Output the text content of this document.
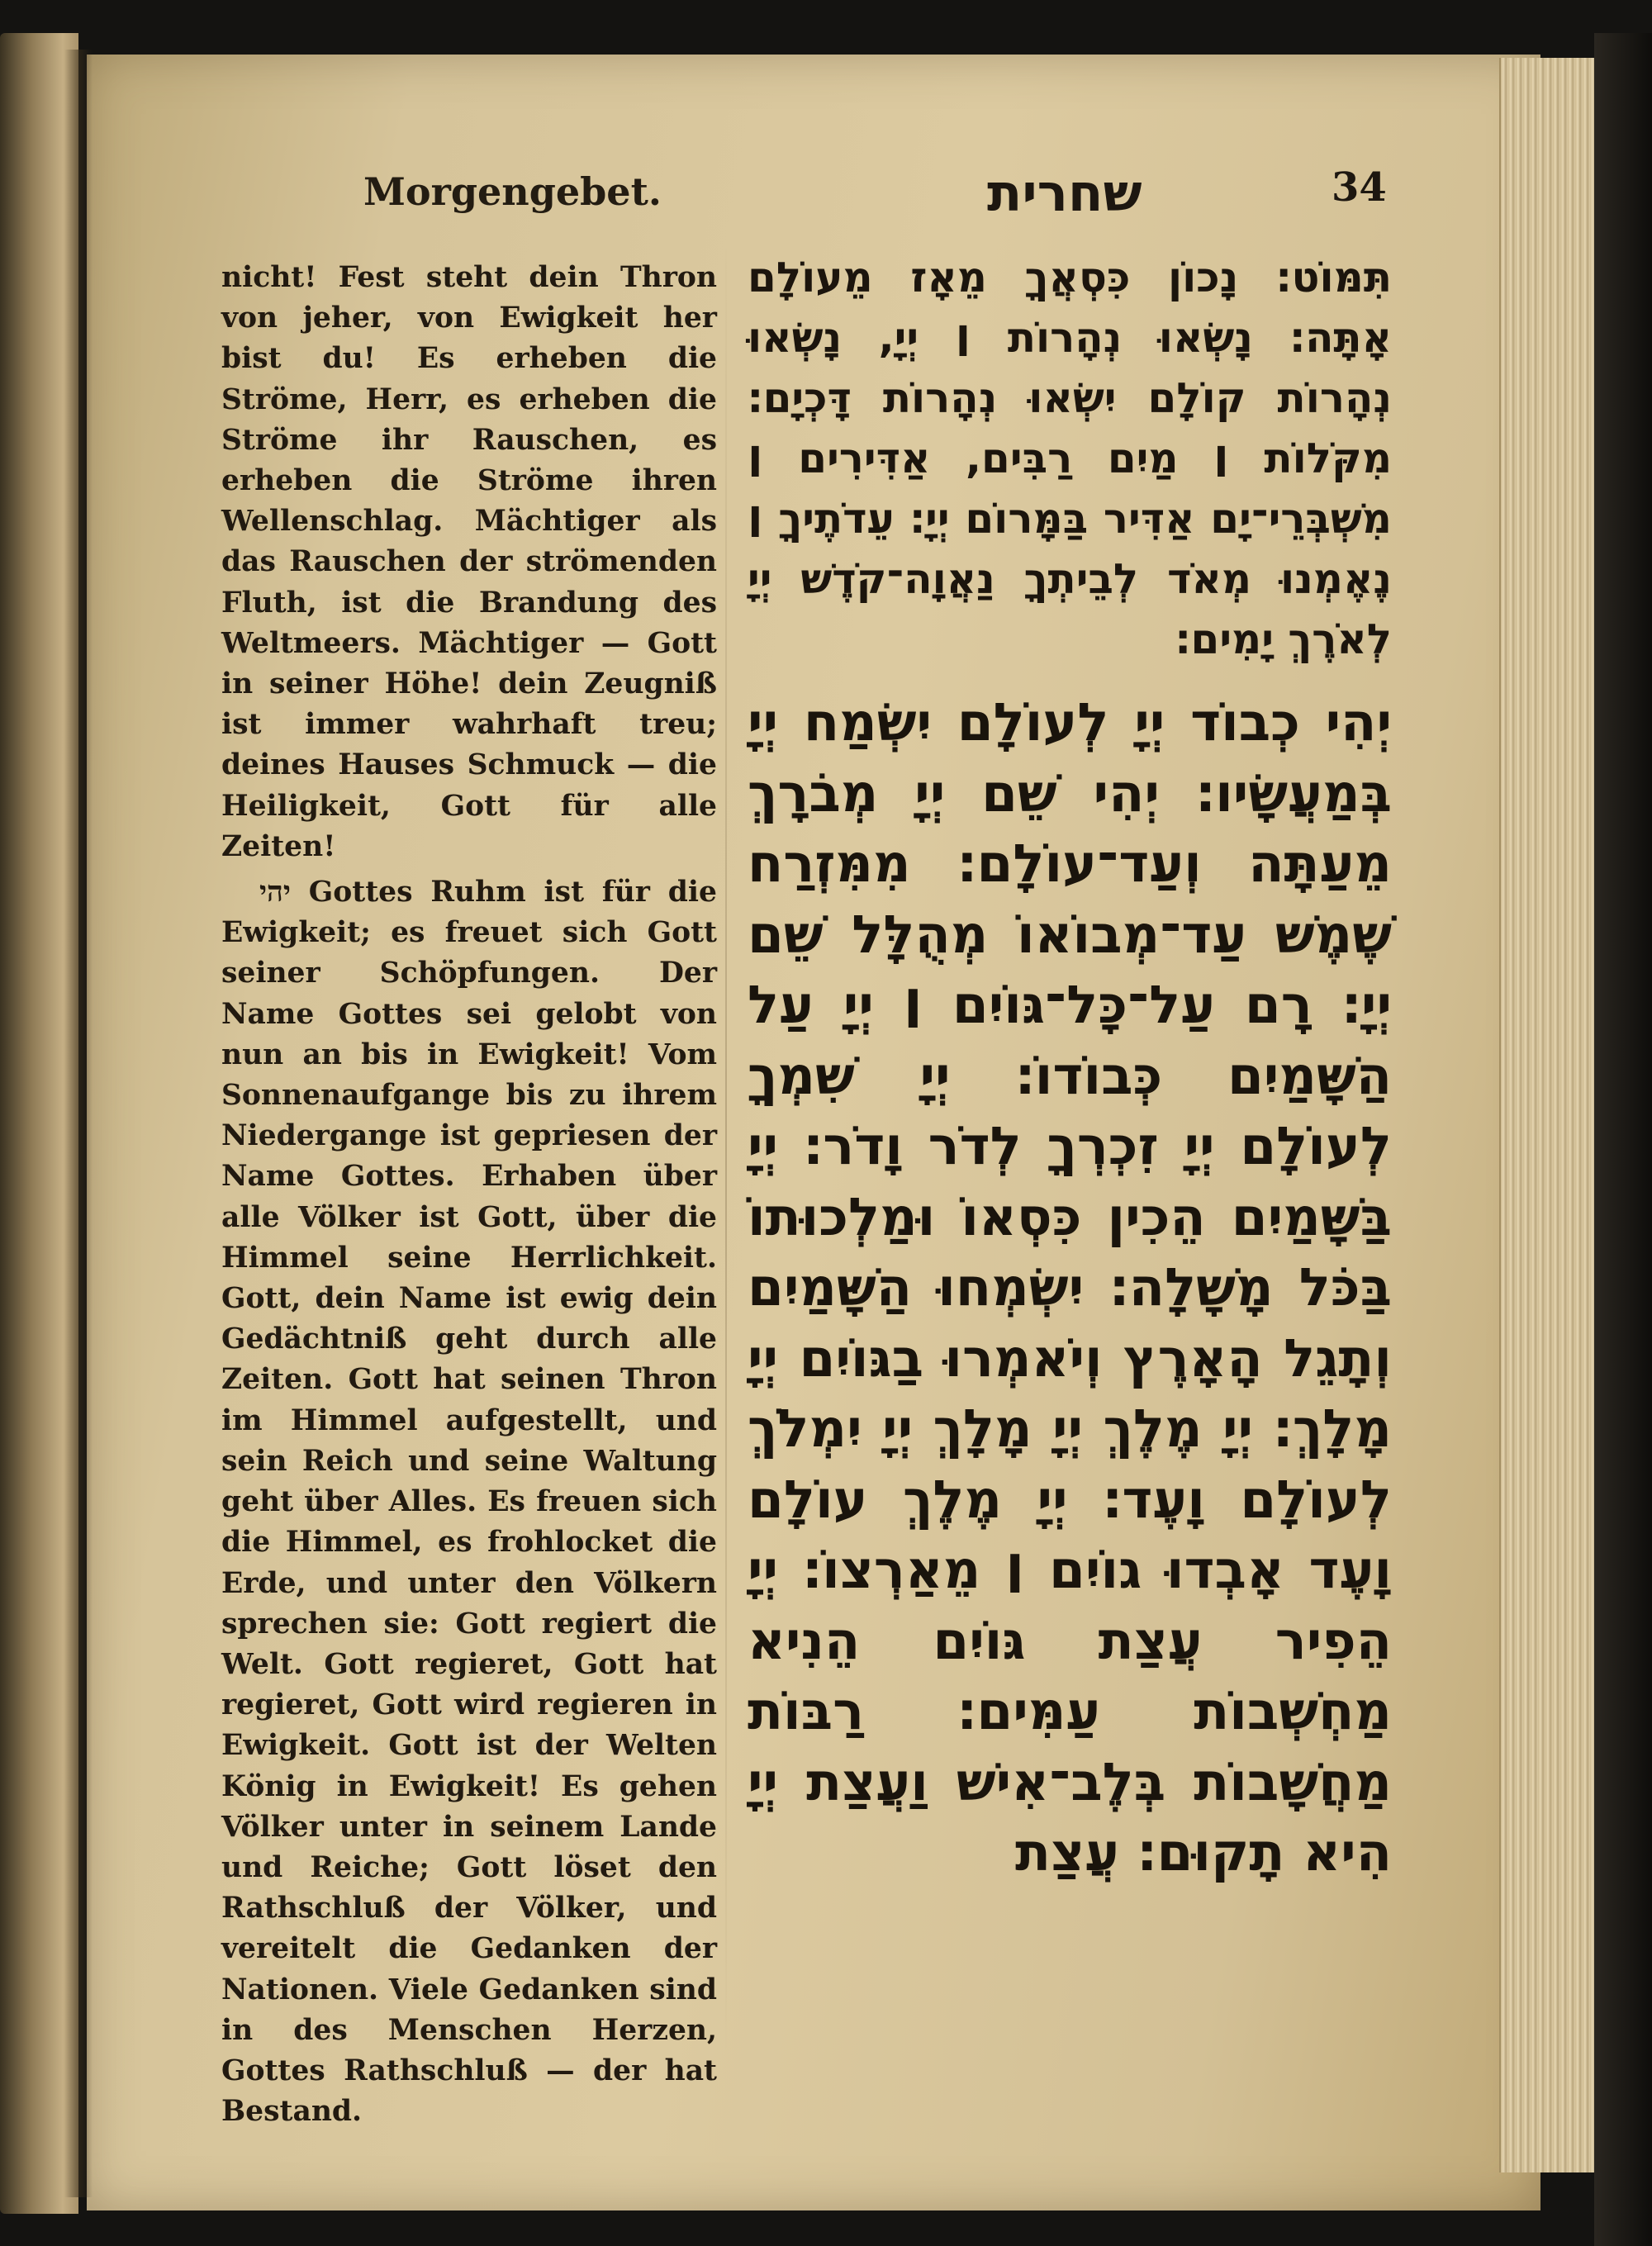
Morgengebet.	שחרית	34

nicht! Fest steht dein Thron von jeher, von Ewigkeit her bist du! Es erheben die Ströme, Herr, es erheben die Ströme ihr Rauschen, es erheben die Ströme ihren Wellenschlag. Mächtiger als das Rauschen der strömenden Fluth, ist die Brandung des Weltmeers. Mächtiger — Gott in seiner Höhe! dein Zeugniß ist immer wahrhaft treu; deines Hauses Schmuck — die Heiligkeit, Gott für alle Zeiten!

יהי Gottes Ruhm ist für die Ewigkeit; es freuet sich Gott seiner Schöpfungen. Der Name Gottes sei gelobt von nun an bis in Ewigkeit! Vom Sonnenaufgange bis zu ihrem Niedergange ist gepriesen der Name Gottes. Erhaben über alle Völker ist Gott, über die Himmel seine Herrlichkeit. Gott, dein Name ist ewig dein Gedächtniß geht durch alle Zeiten. Gott hat seinen Thron im Himmel aufgestellt, und sein Reich und seine Waltung geht über Alles. Es freuen sich die Himmel, es frohlocket die Erde, und unter den Völkern sprechen sie: Gott regiert die Welt. Gott regieret, Gott hat regieret, Gott wird regieren in Ewigkeit. Gott ist der Welten König in Ewigkeit! Es gehen Völker unter in seinem Lande und Reiche; Gott löset den Rathschluß der Völker, und vereitelt die Gedanken der Nationen. Viele Gedanken sind in des Menschen Herzen, Gottes Rathschluß — der hat Bestand.

תִּמּוֹט׃ נָכוֹן כִּסְאֲךָ מֵאָז מֵעוֹלָם אָתָּה׃ נָשְׂאוּ נְהָרוֹת ׀ יְיָ, נָשְׂאוּ נְהָרוֹת קוֹלָם יִשְׂאוּ נְהָרוֹת דָּכְיָם׃ מִקֹּלוֹת ׀ מַיִם רַבִּים, אַדִּירִים ׀ מִשְׁבְּרֵי־יָם אַדִּיר בַּמָּרוֹם יְיָ׃ עֵדֹתֶיךָ ׀ נֶאֶמְנוּ מְאֹד לְבֵיתְךָ נַאֲוָה־קֹדֶשׁ יְיָ לְאֹרֶךְ יָמִים׃
יְהִי כְבוֹד יְיָ לְעוֹלָם יִשְׂמַח יְיָ בְּמַעֲשָׂיו׃ יְהִי שֵׁם יְיָ מְבֹרָךְ מֵעַתָּה וְעַד־עוֹלָם׃ מִמִּזְרַח שֶׁמֶשׁ עַד־מְבוֹאוֹ מְהֻלָּל שֵׁם יְיָ׃ רָם עַל־כָּל־גּוֹיִם ׀ יְיָ עַל הַשָּׁמַיִם כְּבוֹדוֹ׃ יְיָ שִׁמְךָ לְעוֹלָם יְיָ זִכְרְךָ לְדֹר וָדֹר׃ יְיָ בַּשָּׁמַיִם הֵכִין כִּסְאוֹ וּמַלְכוּתוֹ בַּכֹּל מָשָׁלָה׃ יִשְׂמְחוּ הַשָּׁמַיִם וְתָגֵל הָאָרֶץ וְיֹאמְרוּ בַגּוֹיִם יְיָ מָלָךְ׃ יְיָ מֶלֶךְ יְיָ מָלָךְ יְיָ יִמְלֹךְ לְעוֹלָם וָעֶד׃ יְיָ מֶלֶךְ עוֹלָם וָעֶד אָבְדוּ גוֹיִם ׀ מֵאַרְצוֹ׃ יְיָ הֵפִיר עֲצַת גּוֹיִם הֵנִיא מַחְשְׁבוֹת עַמִּים׃ רַבּוֹת מַחֲשָׁבוֹת בְּלֶב־אִישׁ וַעֲצַת יְיָ הִיא תָקוּם׃ עֲצַת
